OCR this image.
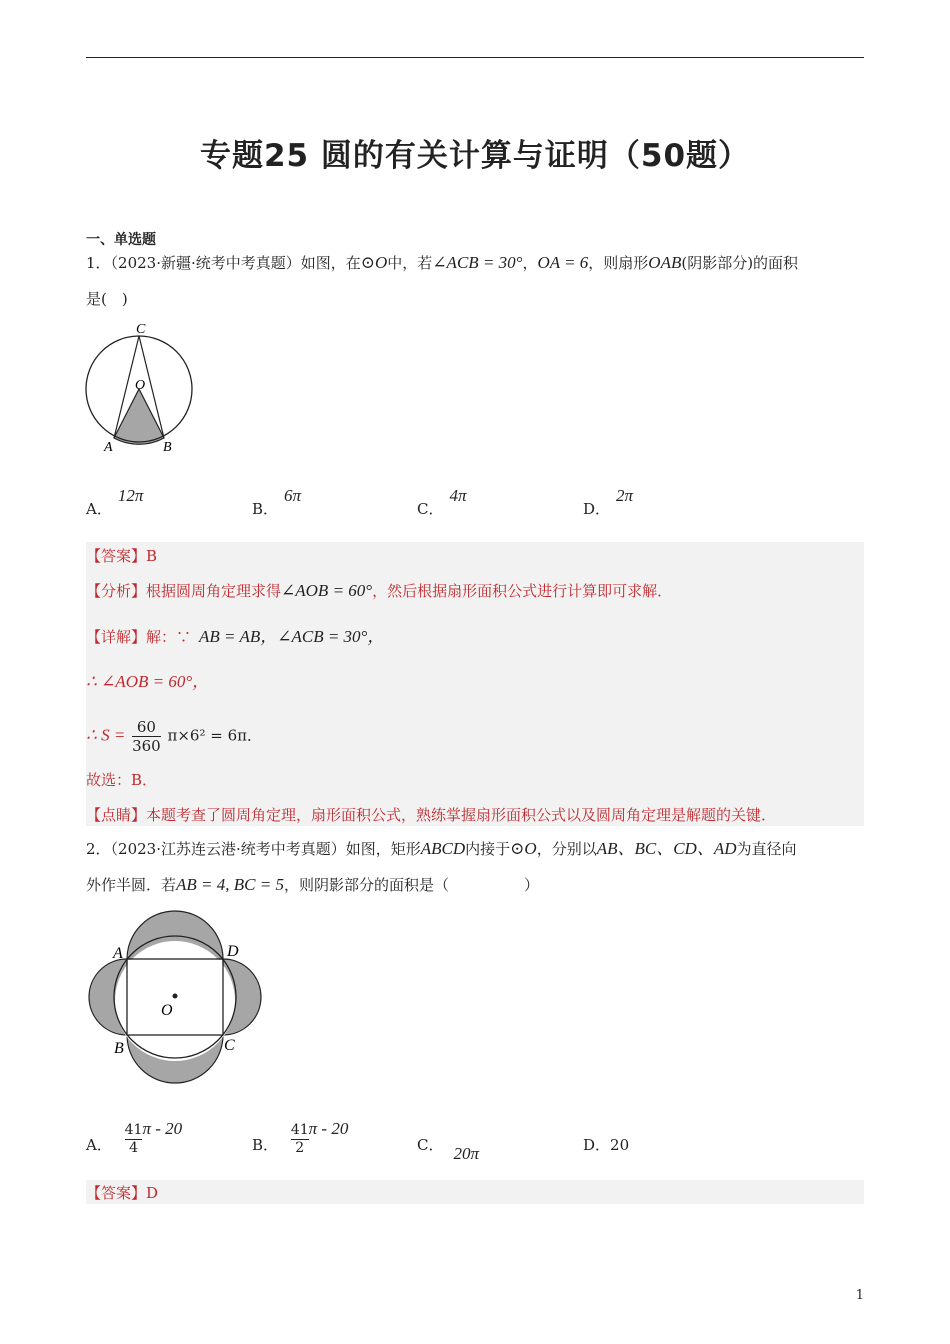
专题25 圆的有关计算与证明（50题）
一、单选题
1．（2023·新疆·统考中考真题）如图，在⊙O中，若∠ACB = 30°，OA = 6，则扇形OAB(阴影部分)的面积
是(　)
C
O
A	B
A．12π
B．6π
C．4π
D．2π
【答案】B
【分析】根据圆周角定理求得∠AOB = 60°，然后根据扇形面积公式进行计算即可求解．
【详解】解：∵ AB = AB，∠ACB = 30°，
∴ ∠AOB = 60°，
∴ $S = \frac{60}{360} \pi\times 6^2 = 6\pi$．
故选：B．
【点睛】本题考查了圆周角定理，扇形面积公式，熟练掌握扇形面积公式以及圆周角定理是解题的关键．
2．（2023·江苏连云港·统考中考真题）如图，矩形ABCD内接于⊙O，分别以AB、BC、CD、AD为直径向
外作半圆．若AB = 4, BC = 5，则阴影部分的面积是（　　　　　）
A	D
B	C
O
A． $\frac{41}{4}$ π - 20
B． $\frac{41}{2}$ π - 20
C． 20π	D．20
【答案】D
1
